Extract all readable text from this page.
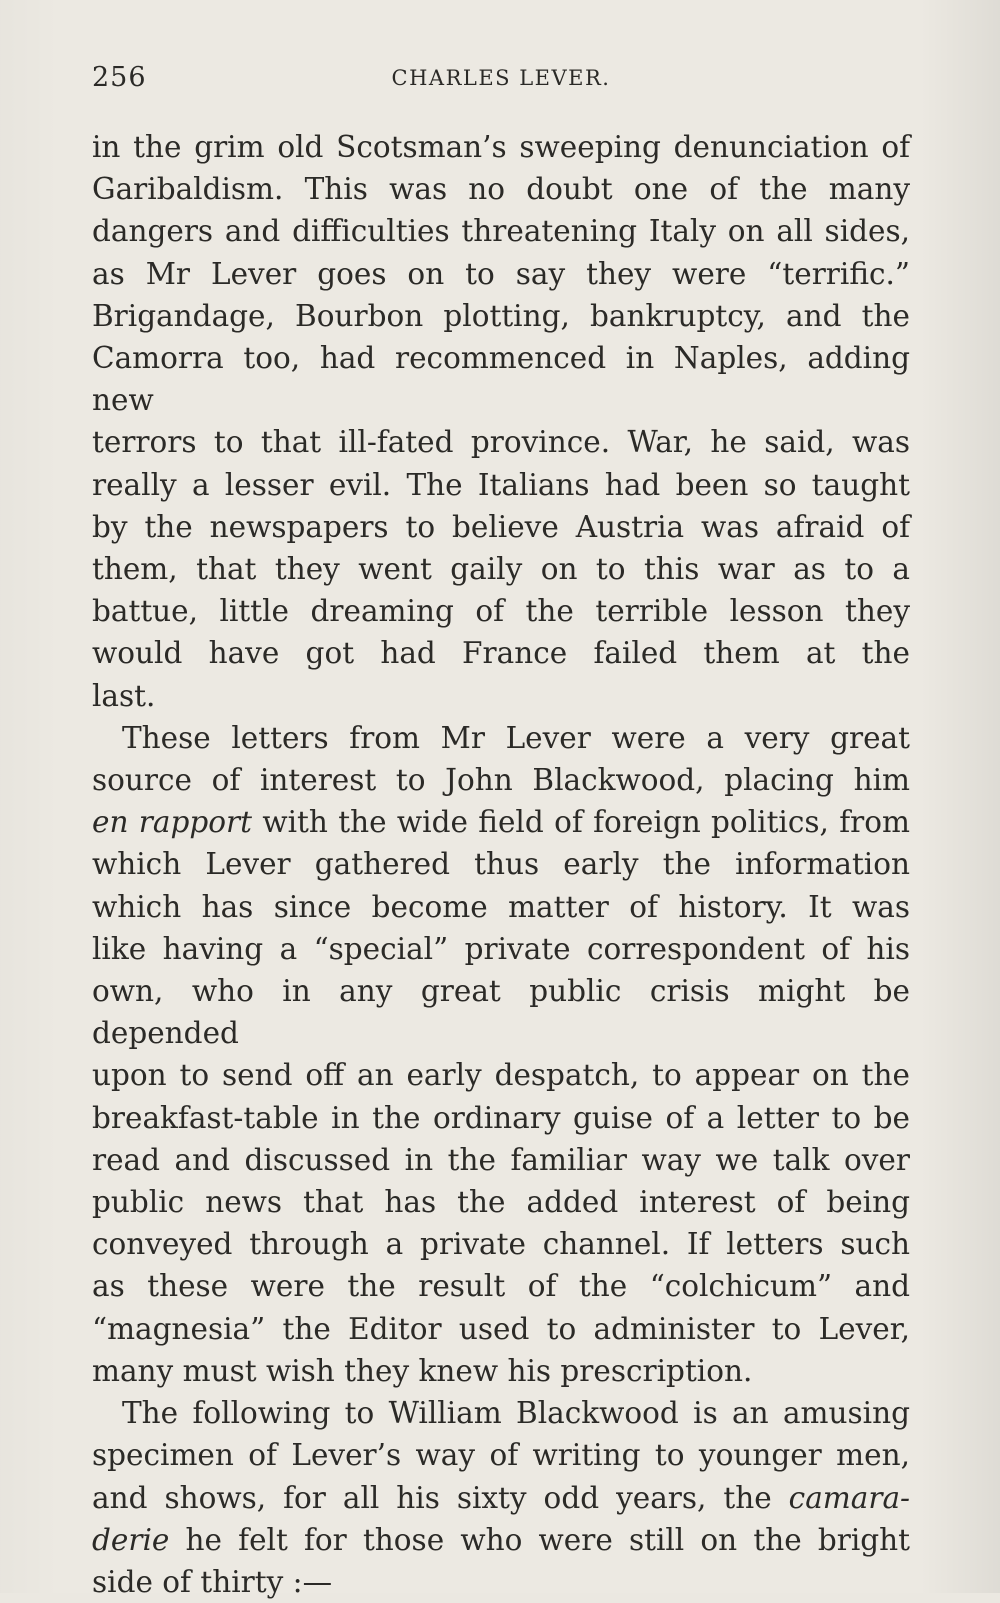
256	CHARLES LEVER.

in the grim old Scotsman’s sweeping denunciation of
Garibaldism. This was no doubt one of the many
dangers and difficulties threatening Italy on all sides,
as Mr Lever goes on to say they were “terrific.”
Brigandage, Bourbon plotting, bankruptcy, and the
Camorra too, had recommenced in Naples, adding new
terrors to that ill-fated province. War, he said, was
really a lesser evil. The Italians had been so taught
by the newspapers to believe Austria was afraid of
them, that they went gaily on to this war as to a
battue, little dreaming of the terrible lesson they
would have got had France failed them at the
last.

These letters from Mr Lever were a very great
source of interest to John Blackwood, placing him
en rapport with the wide field of foreign politics, from
which Lever gathered thus early the information
which has since become matter of history. It was
like having a “special” private correspondent of his
own, who in any great public crisis might be depended
upon to send off an early despatch, to appear on the
breakfast-table in the ordinary guise of a letter to be
read and discussed in the familiar way we talk over
public news that has the added interest of being
conveyed through a private channel. If letters such
as these were the result of the “colchicum” and
“magnesia” the Editor used to administer to Lever,
many must wish they knew his prescription.

The following to William Blackwood is an amusing
specimen of Lever’s way of writing to younger men,
and shows, for all his sixty odd years, the camara-
derie he felt for those who were still on the bright
side of thirty :—
